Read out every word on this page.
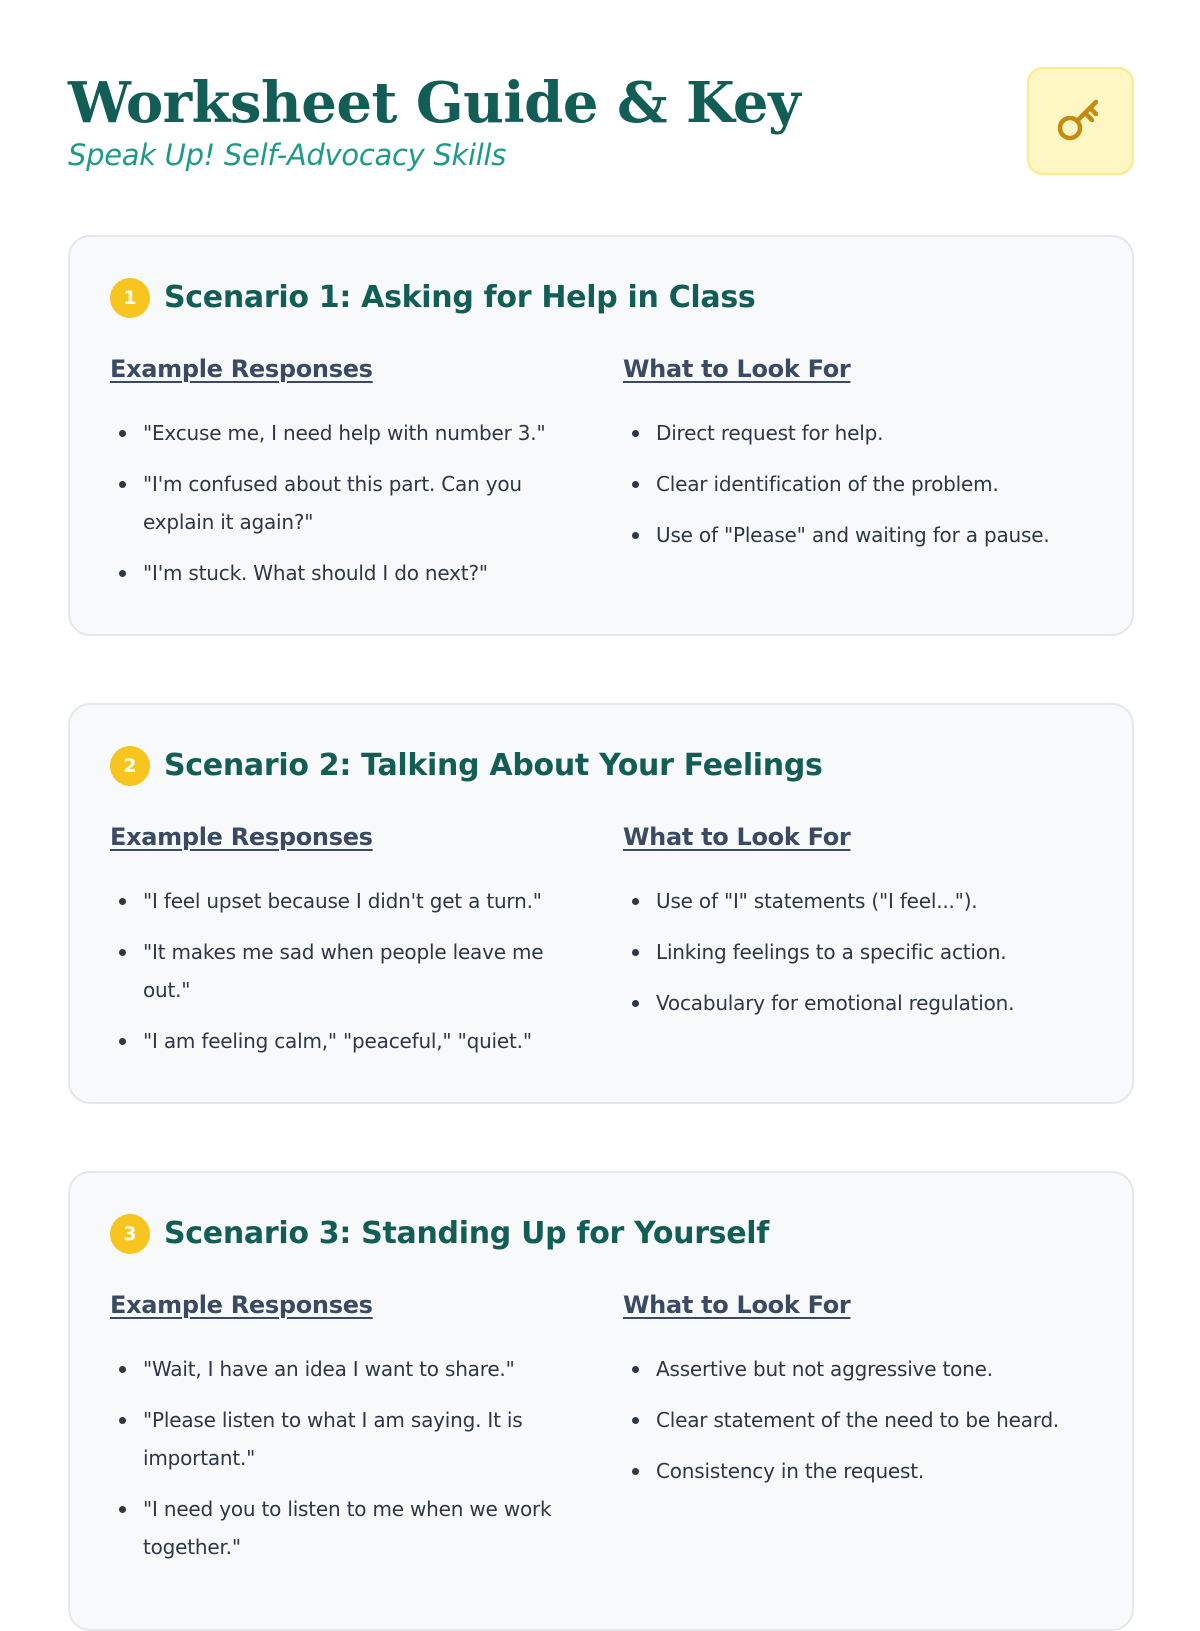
Worksheet Guide & Key
Speak Up! Self-Advocacy Skills
1 Scenario 1: Asking for Help in Class
Example Responses
"Excuse me, I need help with number 3."
"I'm confused about this part. Can you explain it again?"
"I'm stuck. What should I do next?"
What to Look For
Direct request for help.
Clear identification of the problem.
Use of "Please" and waiting for a pause.
2 Scenario 2: Talking About Your Feelings
Example Responses
"I feel upset because I didn't get a turn."
"It makes me sad when people leave me out."
"I am feeling calm," "peaceful," "quiet."
What to Look For
Use of "I" statements ("I feel...").
Linking feelings to a specific action.
Vocabulary for emotional regulation.
3 Scenario 3: Standing Up for Yourself
Example Responses
"Wait, I have an idea I want to share."
"Please listen to what I am saying. It is important."
"I need you to listen to me when we work together."
What to Look For
Assertive but not aggressive tone.
Clear statement of the need to be heard.
Consistency in the request.
